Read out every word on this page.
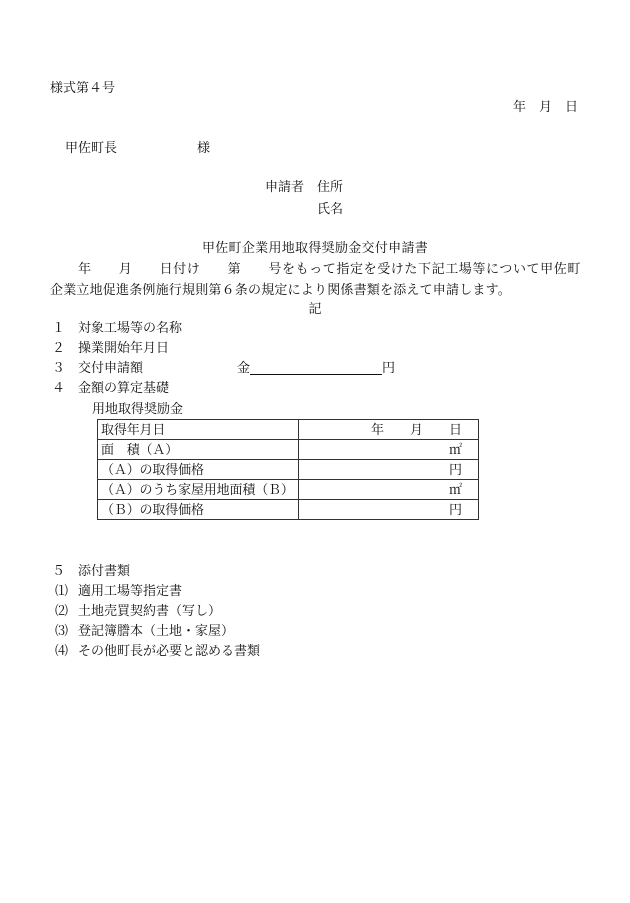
様式第４号
年　月　日
甲佐町長	様
申請者 住所
氏名
甲佐町企業用地取得奨励金交付申請書
年　　月　　日付け　　第　　号をもって指定を受けた下記工場等について甲佐町
企業立地促進条例施行規則第６条の規定により関係書類を添えて申請します。
記
１ 対象工場等の名称
２ 操業開始年月日
３ 交付申請額	金	円
４ 金額の算定基礎
用地取得奨励金
取得年月日	年　　月　　日
面　積（Ａ）	㎡
（Ａ）の取得価格	円
（Ａ）のうち家屋用地面積（Ｂ）	㎡
（Ｂ）の取得価格	円
５ 添付書類
⑴ 適用工場等指定書
⑵ 土地売買契約書（写し）
⑶ 登記簿謄本（土地・家屋）
⑷ その他町長が必要と認める書類
